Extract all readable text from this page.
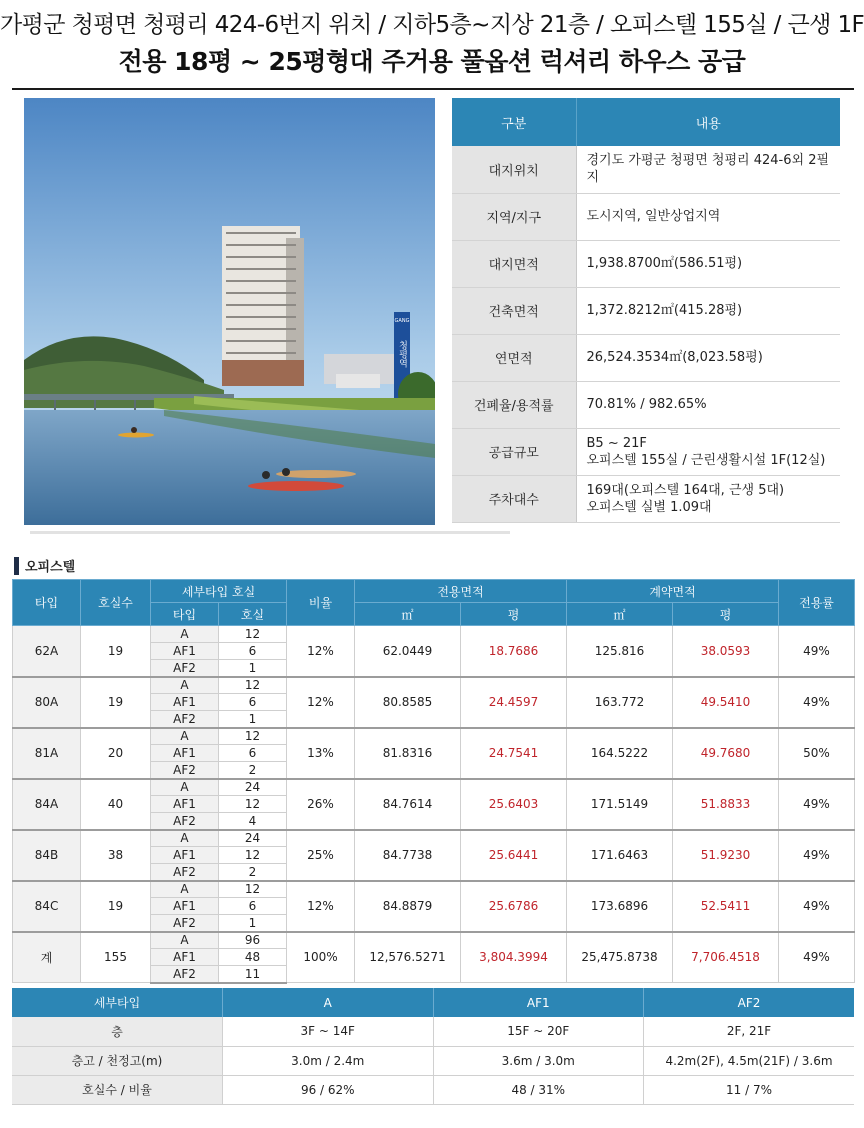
가평군 청평면 청평리 424-6번지 위치 / 지하5층~지상 21층 / 오피스텔 155실 / 근생 1F
전용 18평 ~ 25평형대 주거용 풀옵션 럭셔리 하우스 공급
GANG
청평역
구분	내용
대지위치	경기도 가평군 청평면 청평리 424-6외 2필지
지역/지구	도시지역, 일반상업지역
대지면적	1,938.8700㎡(586.51평)
건축면적	1,372.8212㎡(415.28평)
연면적	26,524.3534㎡(8,023.58평)
건폐율/용적률	70.81% / 982.65%
공급규모	B5 ~ 21F
오피스텔 155실 / 근린생활시설 1F(12실)
주차대수	169대(오피스텔 164대, 근생 5대)
오피스텔 실별 1.09대
오피스텔
타입	호실수	세부타입 호실		비율	전용면적		계약면적		전용률
		타입	호실		㎡	평	㎡	평	
62A	19	A	12	12%	62.0449	18.7686	125.816	38.0593	49%
		AF1	6						
		AF2	1						
80A	19	A	12	12%	80.8585	24.4597	163.772	49.5410	49%
		AF1	6						
		AF2	1						
81A	20	A	12	13%	81.8316	24.7541	164.5222	49.7680	50%
		AF1	6						
		AF2	2						
84A	40	A	24	26%	84.7614	25.6403	171.5149	51.8833	49%
		AF1	12						
		AF2	4						
84B	38	A	24	25%	84.7738	25.6441	171.6463	51.9230	49%
		AF1	12						
		AF2	2						
84C	19	A	12	12%	84.8879	25.6786	173.6896	52.5411	49%
		AF1	6						
		AF2	1						
계	155	A	96	100%	12,576.5271	3,804.3994	25,475.8738	7,706.4518	49%
		AF1	48						
		AF2	11						
세부타입	A	AF1	AF2
층	3F ~ 14F	15F ~ 20F	2F, 21F
층고 / 천정고(m)	3.0m / 2.4m	3.6m / 3.0m	4.2m(2F), 4.5m(21F) / 3.6m
호실수 / 비율	96 / 62%	48 / 31%	11 / 7%
